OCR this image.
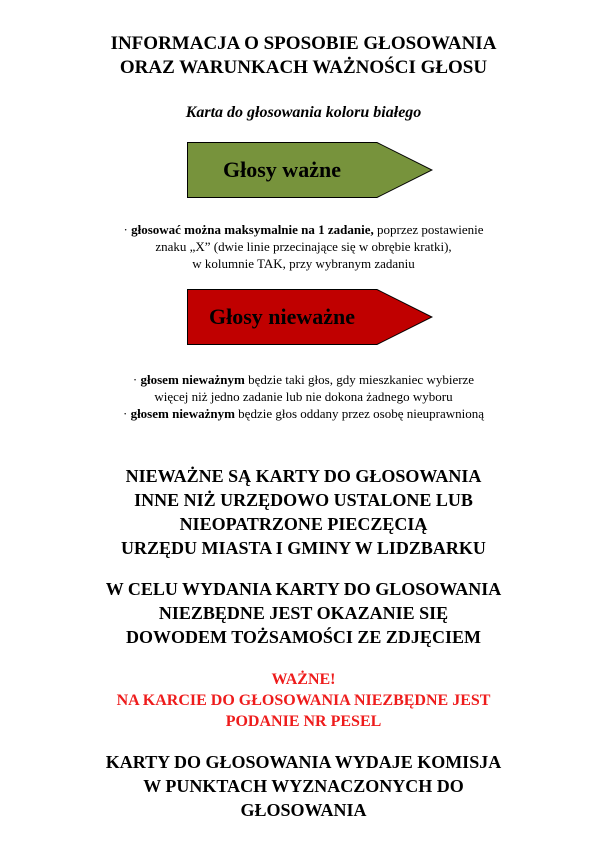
INFORMACJA O SPOSOBIE GŁOSOWANIA
ORAZ WARUNKACH WAŻNOŚCI GŁOSU
Karta do głosowania koloru białego
Głosy ważne

· głosować można maksymalnie na 1 zadanie, poprzez postawienie

znaku „X” (dwie linie przecinające się w obrębie kratki),

w kolumnie TAK, przy wybranym zadaniu

Głosy nieważne

· głosem nieważnym będzie taki głos, gdy mieszkaniec wybierze

więcej niż jedno zadanie lub nie dokona żadnego wyboru

· głosem nieważnym będzie głos oddany przez osobę nieuprawnioną

NIEWAŻNE SĄ KARTY DO GŁOSOWANIA

INNE NIŻ URZĘDOWO USTALONE LUB

NIEOPATRZONE PIECZĘCIĄ

URZĘDU MIASTA I GMINY W LIDZBARKU

W CELU WYDANIA KARTY DO GLOSOWANIA

NIEZBĘDNE JEST OKAZANIE SIĘ

DOWODEM TOŻSAMOŚCI ZE ZDJĘCIEM

WAŻNE!

NA KARCIE DO GŁOSOWANIA NIEZBĘDNE JEST

PODANIE NR PESEL

KARTY DO GŁOSOWANIA WYDAJE KOMISJA

W PUNKTACH WYZNACZONYCH DO

GŁOSOWANIA
